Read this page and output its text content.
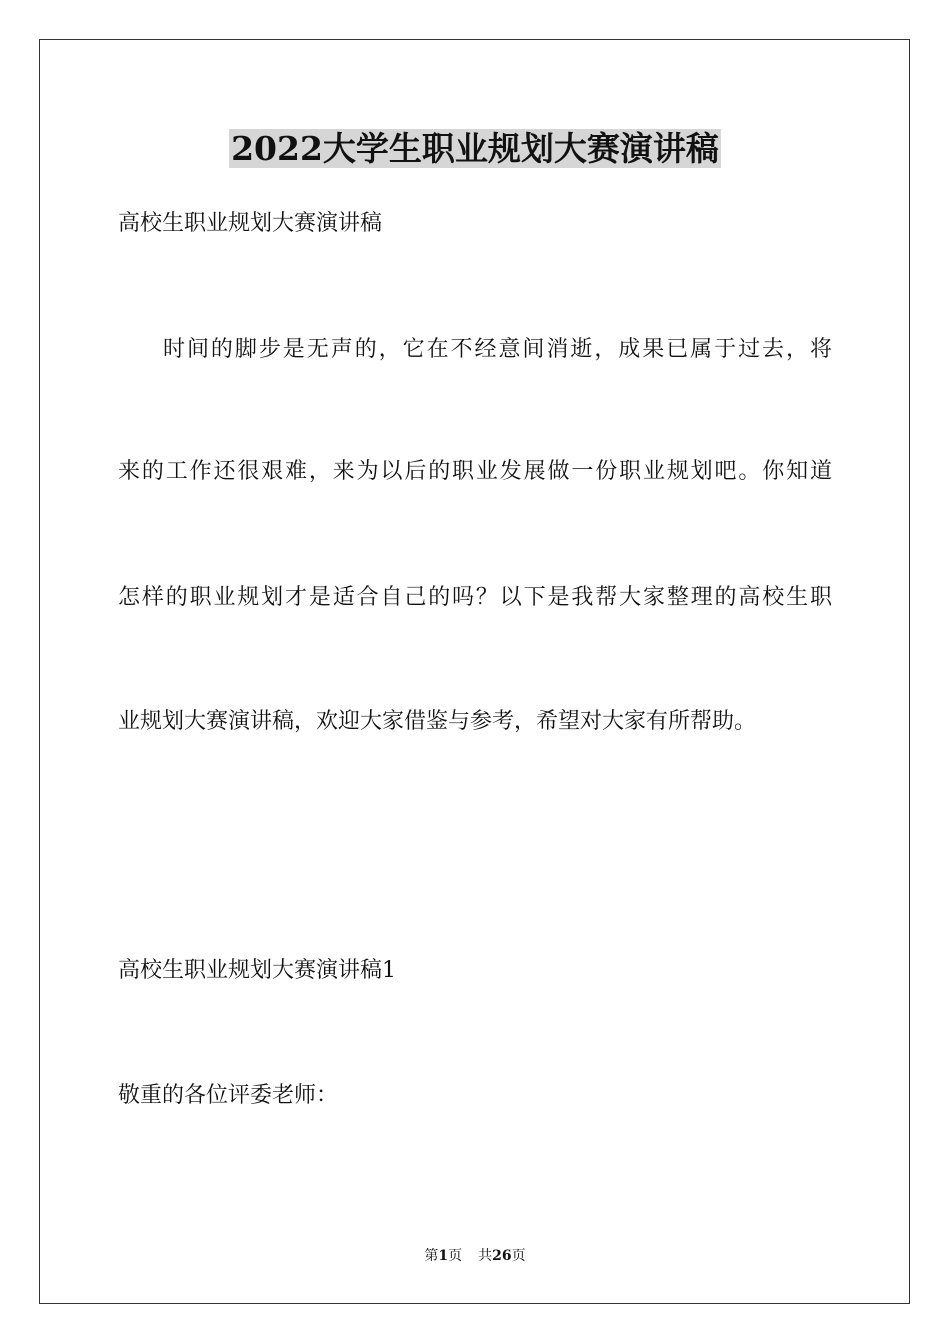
2022大学生职业规划大赛演讲稿
高校生职业规划大赛演讲稿
时间的脚步是无声的，它在不经意间消逝，成果已属于过去，将
来的工作还很艰难，来为以后的职业发展做一份职业规划吧。你知道
怎样的职业规划才是适合自己的吗？以下是我帮大家整理的高校生职
业规划大赛演讲稿，欢迎大家借鉴与参考，希望对大家有所帮助。
高校生职业规划大赛演讲稿1
敬重的各位评委老师：
第1页 共26页
